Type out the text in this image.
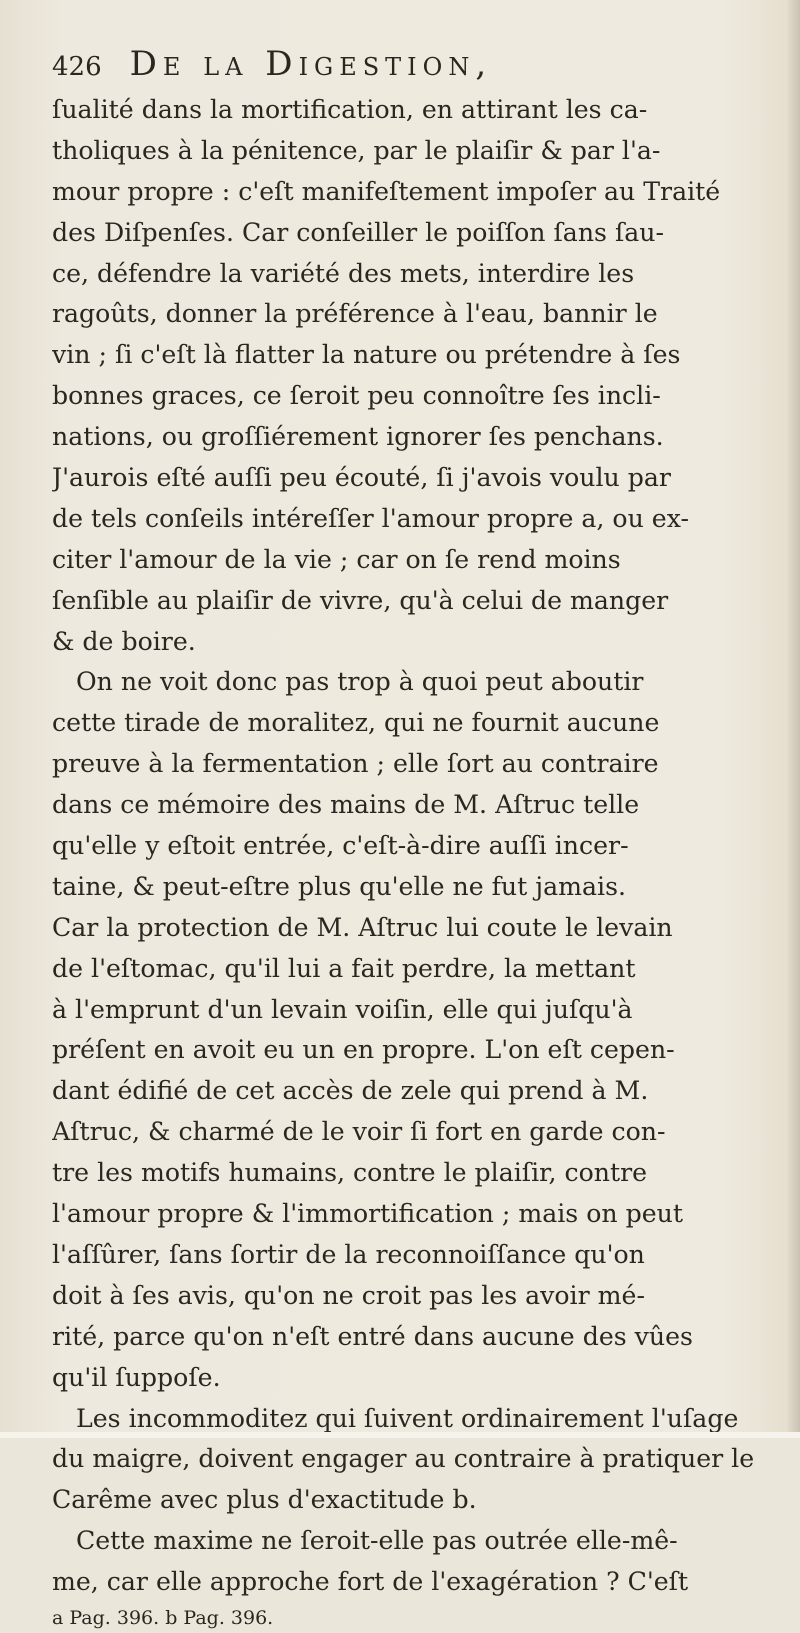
426 De la Digestion,
ſualité dans la mortification, en attirant les ca-
tholiques à la pénitence, par le plaiſir & par l'a-
mour propre : c'eſt manifeſtement impoſer au Traité
des Diſpenſes. Car conſeiller le poiſſon ſans ſau-
ce, défendre la variété des mets, interdire les
ragoûts, donner la préférence à l'eau, bannir le
vin ; ſi c'eſt là flatter la nature ou prétendre à ſes
bonnes graces, ce ſeroit peu connoître ſes incli-
nations, ou groſſiérement ignorer ſes penchans.
J'aurois eſté auſſi peu écouté, ſi j'avois voulu par
de tels conſeils intéreſſer l'amour propre a, ou ex-
citer l'amour de la vie ; car on ſe rend moins
ſenſible au plaiſir de vivre, qu'à celui de manger
& de boire.
On ne voit donc pas trop à quoi peut aboutir
cette tirade de moralitez, qui ne fournit aucune
preuve à la fermentation ; elle ſort au contraire
dans ce mémoire des mains de M. Aſtruc telle
qu'elle y eſtoit entrée, c'eſt-à-dire auſſi incer-
taine, & peut-eſtre plus qu'elle ne fut jamais.
Car la protection de M. Aſtruc lui coute le levain
de l'eſtomac, qu'il lui a fait perdre, la mettant
à l'emprunt d'un levain voiſin, elle qui juſqu'à
préſent en avoit eu un en propre. L'on eſt cepen-
dant édifié de cet accès de zele qui prend à M.
Aſtruc, & charmé de le voir ſi fort en garde con-
tre les motifs humains, contre le plaiſir, contre
l'amour propre & l'immortification ; mais on peut
l'aſſûrer, ſans ſortir de la reconnoiſſance qu'on
doit à ſes avis, qu'on ne croit pas les avoir mé-
rité, parce qu'on n'eſt entré dans aucune des vûes
qu'il ſuppoſe.
Les incommoditez qui ſuivent ordinairement l'uſage
du maigre, doivent engager au contraire à pratiquer le
Carême avec plus d'exactitude b.
Cette maxime ne ſeroit-elle pas outrée elle-mê-
me, car elle approche fort de l'exagération ? C'eſt
a Pag. 396. b Pag. 396.
